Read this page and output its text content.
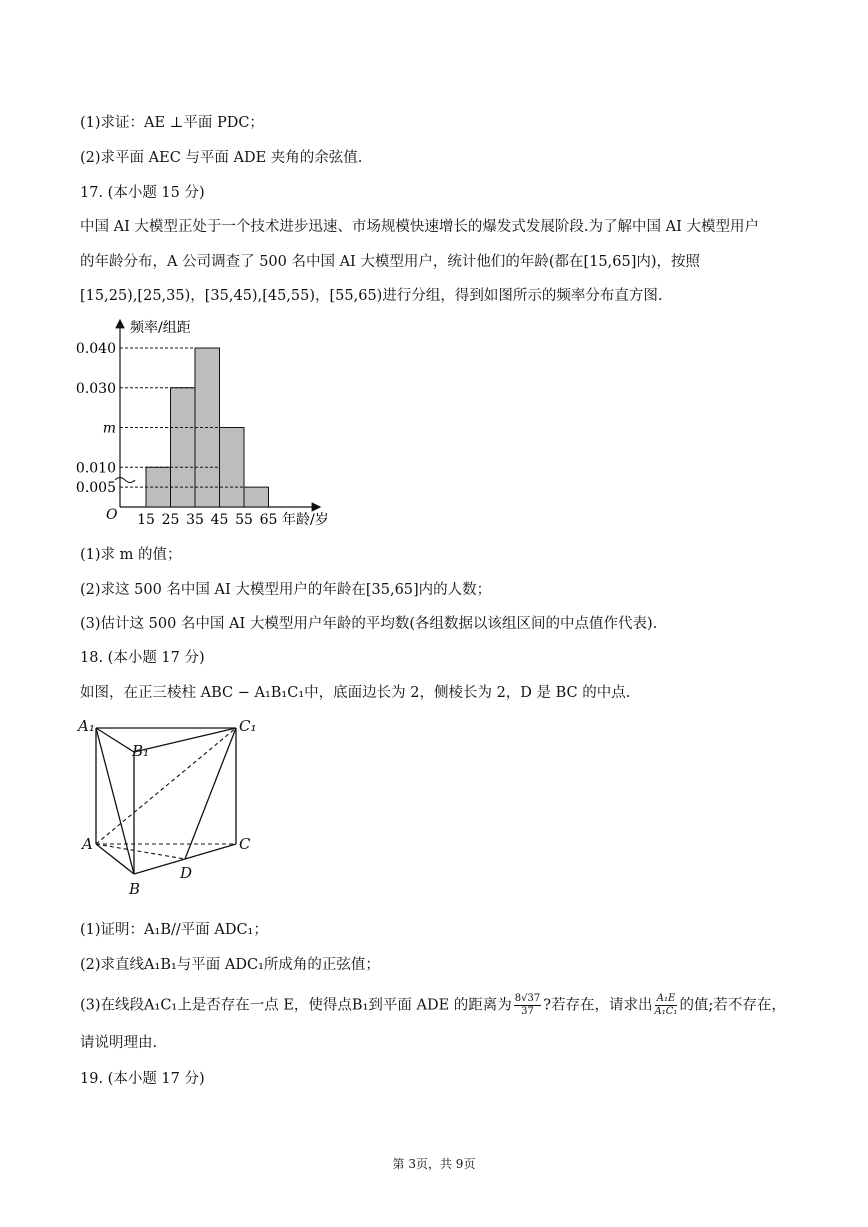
(1)求证：AE ⊥平面 PDC；
(2)求平面 AEC 与平面 ADE 夹角的余弦值.
17. (本小题 15 分)
中国 AI 大模型正处于一个技术进步迅速、市场规模快速增长的爆发式发展阶段.为了解中国 AI 大模型用户
的年龄分布，A 公司调查了 500 名中国 AI 大模型用户，统计他们的年龄(都在[15,65]内)，按照
[15,25),[25,35)，[35,45),[45,55)，[55,65)进行分组，得到如图所示的频率分布直方图.
频率/组距
年龄/岁
O
0.040
0.030
m
0.010
0.005
15 25 35 45 55 65
(1)求 m 的值；
(2)求这 500 名中国 AI 大模型用户的年龄在[35,65]内的人数；
(3)估计这 500 名中国 AI 大模型用户年龄的平均数(各组数据以该组区间的中点值作代表).
18. (本小题 17 分)
如图，在正三棱柱 ABC − A₁B₁C₁中，底面边长为 2，侧棱长为 2，D 是 BC 的中点.
A₁
B₁
C₁
A
B
C
D
(1)证明：A₁B//平面 ADC₁；
(2)求直线A₁B₁与平面 ADC₁所成角的正弦值；
(3)在线段A₁C₁上是否存在一点 E，使得点B₁到平面 ADE 的距离为 $\frac{8√37}{37}$ ?若存在，请求出 $\frac{\text{A₁E}}{\text{A₁C₁}}$ 的值;若不存在，
请说明理由.
19. (本小题 17 分)
第 3页，共 9页
